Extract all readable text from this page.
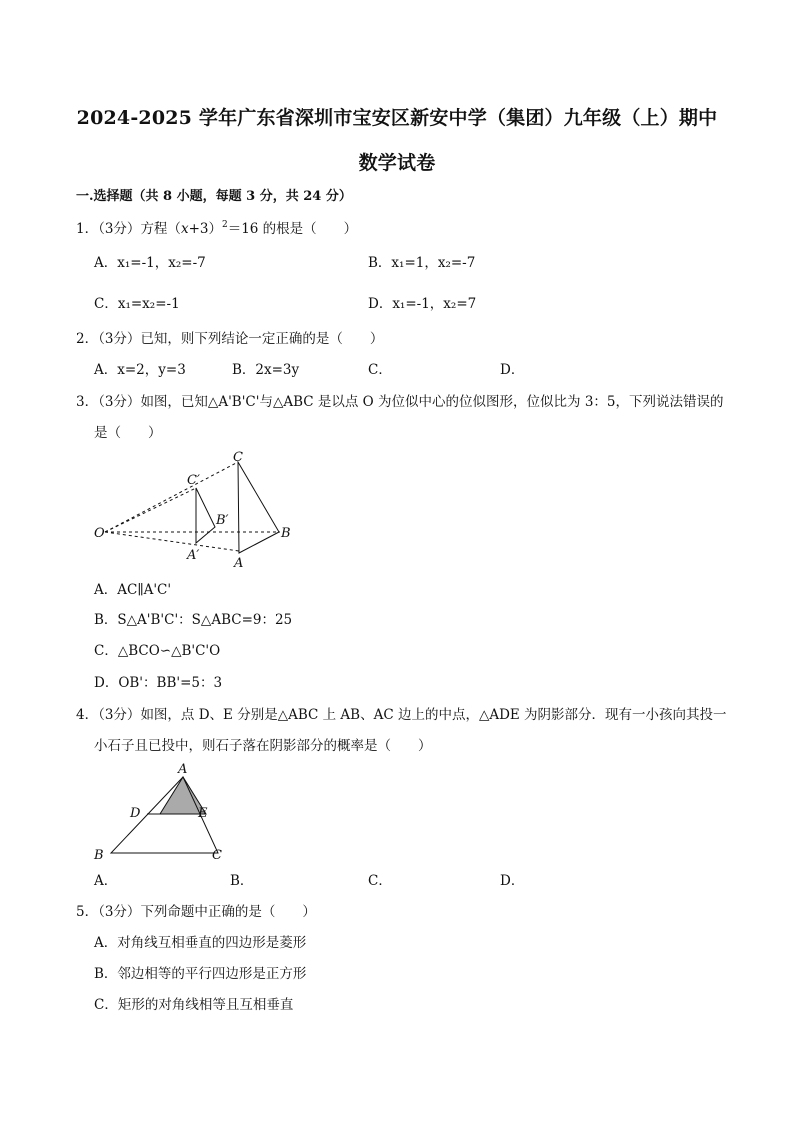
2024-2025 学年广东省深圳市宝安区新安中学（集团）九年级（上）期中
数学试卷
一.选择题（共 8 小题，每题 3 分，共 24 分）
1．（3分）方程$(x+3)^2=16$ 的根是（　　）
A．x₁=-1，x₂=-7	B．x₁=1，x₂=-7
C．x₁=x₂=-1	D．x₁=-1，x₂=7
2．（3分）已知，则下列结论一定正确的是（　　）
A．x=2，y=3	B．2x=3y	C．	D．
3．（3分）如图，已知△A'B'C'与△ABC 是以点 O 为位似中心的位似图形，位似比为 3：5，下列说法错误的
是（　　）
C
C′
B′
O	B
A′
A
A．AC∥A'C'
B．S△A'B'C'：S△ABC=9：25
C．△BCO∽△B'C'O
D．OB'：BB'=5：3
4．（3分）如图，点 D、E 分别是△ABC 上 AB、AC 边上的中点，△ADE 为阴影部分．现有一小孩向其投一
小石子且已投中，则石子落在阴影部分的概率是（　　）
A
D	E
B	C
A．	B．	C．	D．
5．（3分）下列命题中正确的是（　　）
A．对角线互相垂直的四边形是菱形
B．邻边相等的平行四边形是正方形
C．矩形的对角线相等且互相垂直
